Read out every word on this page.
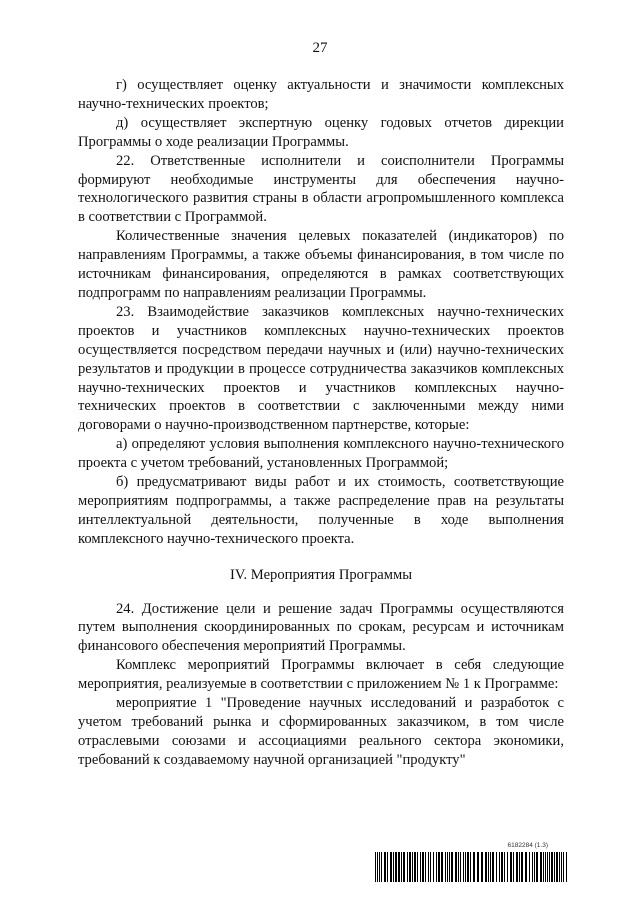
27

г) осуществляет оценку актуальности и значимости комплексных научно-технических проектов;

д) осуществляет экспертную оценку годовых отчетов дирекции Программы о ходе реализации Программы.

22. Ответственные исполнители и соисполнители Программы формируют необходимые инструменты для обеспечения научно-технологического развития страны в области агропромышленного комплекса в соответствии с Программой.

Количественные значения целевых показателей (индикаторов) по направлениям Программы, а также объемы финансирования, в том числе по источникам финансирования, определяются в рамках соответствующих подпрограмм по направлениям реализации Программы.

23. Взаимодействие заказчиков комплексных научно-технических проектов и участников комплексных научно-технических проектов осуществляется посредством передачи научных и (или) научно-технических результатов и продукции в процессе сотрудничества заказчиков комплексных научно-технических проектов и участников комплексных научно-технических проектов в соответствии с заключенными между ними договорами о научно-производственном партнерстве, которые:

а) определяют условия выполнения комплексного научно-технического проекта с учетом требований, установленных Программой;

б) предусматривают виды работ и их стоимость, соответствующие мероприятиям подпрограммы, а также распределение прав на результаты интеллектуальной деятельности, полученные в ходе выполнения комплексного научно-технического проекта.

IV. Мероприятия Программы

24. Достижение цели и решение задач Программы осуществляются путем выполнения скоординированных по срокам, ресурсам и источникам финансового обеспечения мероприятий Программы.

Комплекс мероприятий Программы включает в себя следующие мероприятия, реализуемые в соответствии с приложением № 1 к Программе:

мероприятие 1 "Проведение научных исследований и разработок с учетом требований рынка и сформированных заказчиком, в том числе отраслевыми союзами и ассоциациями реального сектора экономики, требований к создаваемому научной организацией "продукту"

6182284 (1.3)
